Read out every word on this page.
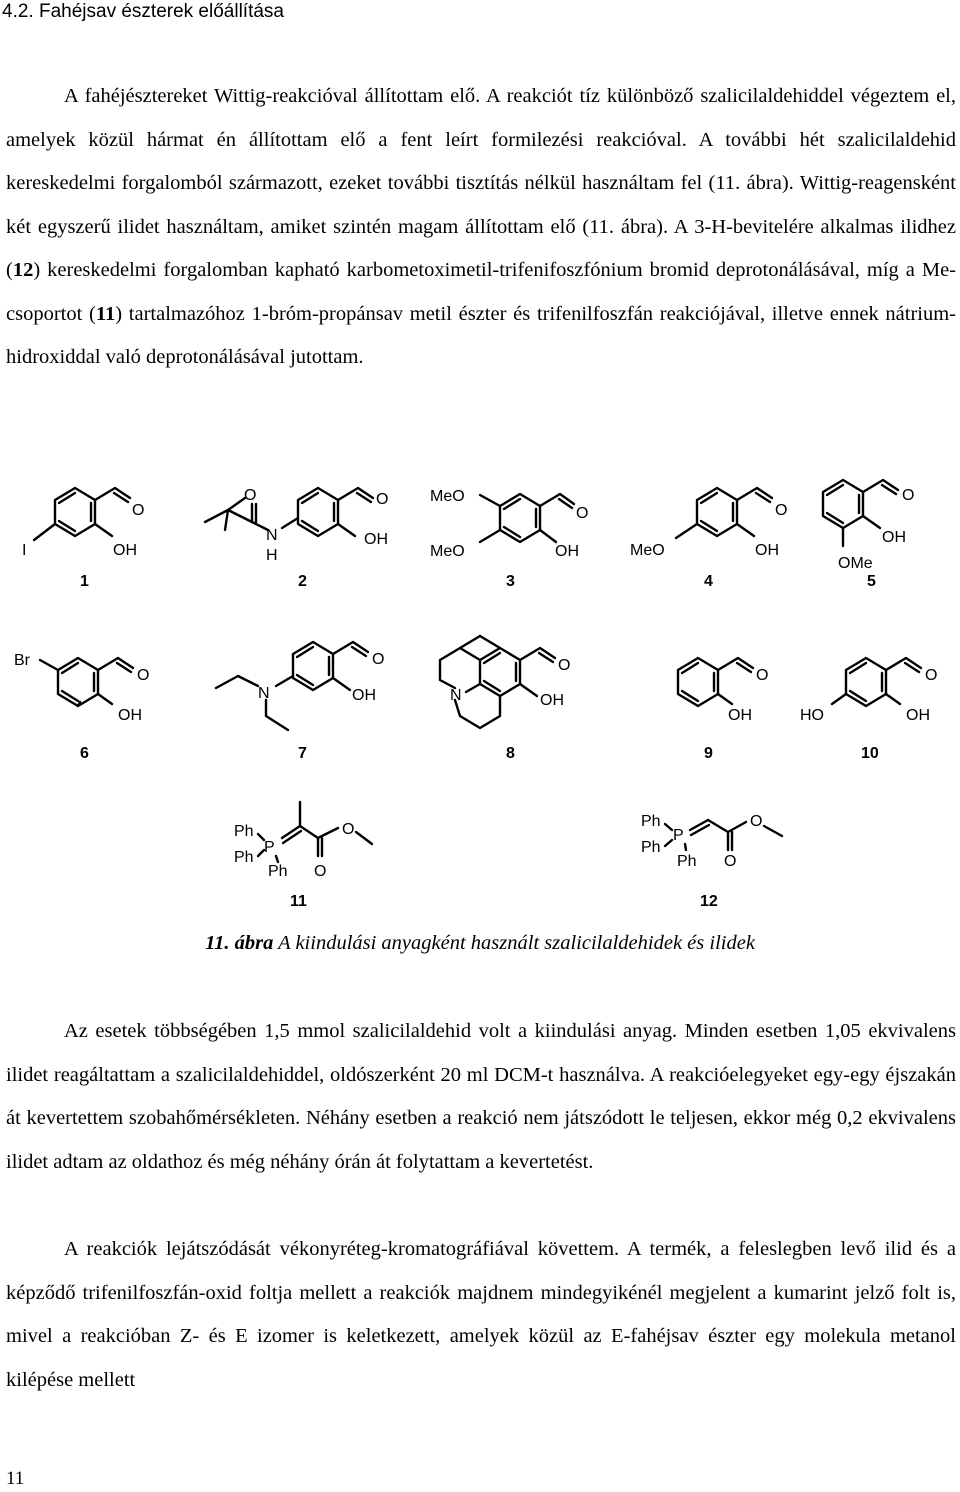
4.2. Fahéjsav észterek előállítása

A fahéjésztereket Wittig-reakcióval állítottam elő. A reakciót tíz különböző szalicilaldehiddel végeztem el, amelyek közül hármat én állítottam elő a fent leírt formilezési reakcióval. A további hét szalicilaldehid kereskedelmi forgalomból származott, ezeket további tisztítás nélkül használtam fel (11. ábra). Wittig-reagensként két egyszerű ilidet használtam, amiket szintén magam állítottam elő (11. ábra). A 3-H-bevitelére alkalmas ilidhez (12) kereskedelmi forgalomban kapható karbometoximetil-trifenifoszfónium bromid deprotonálásával, míg a Me-csoportot (11) tartalmazóhoz 1-bróm-propánsav metil észter és trifenilfoszfán reakciójával, illetve ennek nátrium-hidroxiddal való deprotonálásával jutottam.

O
OH
I
1
O
N
H
O
OH
2
MeO
MeO
O
OH
3
MeO
O
OH
4
O
OH
OMe
5
Br
O
OH
6
N
O
OH
7
N
O
OH
8
O
OH
9
O
HO	OH
10
Ph
Ph
Ph
P
O
O
11
Ph
Ph
Ph
P
O
O
12
11. ábra A kiindulási anyagként használt szalicilaldehidek és ilidek

Az esetek többségében 1,5 mmol szalicilaldehid volt a kiindulási anyag. Minden esetben 1,05 ekvivalens ilidet reagáltattam a szalicilaldehiddel, oldószerként 20 ml DCM-t használva. A reakcióelegyeket egy-egy éjszakán át kevertettem szobahőmérsékleten. Néhány esetben a reakció nem játszódott le teljesen, ekkor még 0,2 ekvivalens ilidet adtam az oldathoz és még néhány órán át folytattam a kevertetést.

A reakciók lejátszódását vékonyréteg-kromatográfiával követtem. A termék, a feleslegben levő ilid és a képződő trifenilfoszfán-oxid foltja mellett a reakciók majdnem mindegyikénél megjelent a kumarint jelző folt is, mivel a reakcióban Z- és E izomer is keletkezett, amelyek közül az E-fahéjsav észter egy molekula metanol kilépése mellett

11
